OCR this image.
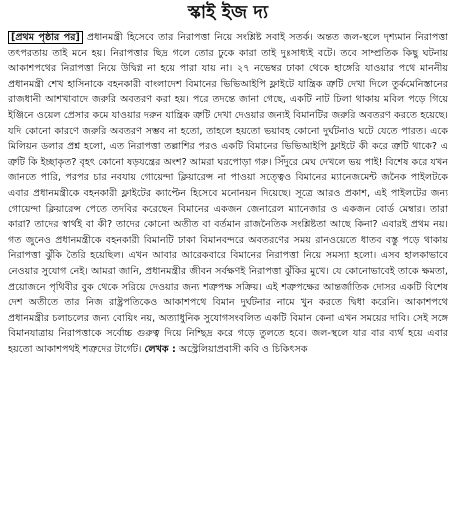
স্কাই ইজ দ্য

[প্রথম পৃষ্ঠার পর] প্রধানমন্ত্রী হিসেবে তার নিরাপত্তা নিয়ে সংশ্লিষ্ট সবাই সতর্ক। অন্তত জল-স্থলে দৃশ্যমান নিরাপত্তা তৎপরতায় তাই মনে হয়। নিরাপত্তার ছিদ্র গলে তোর ঢুকে কারা তাই দুঃসাধ্যই বটে। তবে সাম্প্রতিক কিছু ঘটনায় আকাশপথের নিরাপত্তা নিয়ে উদ্বিগ্ন না হয়ে পারা যায় না। ২৭ নভেম্বর ঢাকা থেকে হাঙ্গেরি যাওয়ার পথে মাননীয় প্রধানমন্ত্রী শেখ হাসিনাকে বহনকারী বাংলাদেশ বিমানের ভিভিআইপি ফ্লাইটে যান্ত্রিক ত্রুটি দেখা দিলে তুর্কমেনিস্তানের রাজধানী আশখাবাদে জরুরি অবতরণ করা হয়। পরে তদন্তে জানা গেছে, একটি নাট ঢিলা থাকায় মবিল পড়ে গিয়ে ইঞ্জিনে ওয়েল প্রেসার কমে যাওয়ার দরুন যান্ত্রিক ত্রুটি দেখা দেওয়ার জন্যই বিমানটির জরুরি অবতরণ করতে হয়েছে। যদি কোনো কারণে জরুরি অবতরণ সম্ভব না হতো, তাহলে হয়তো ভয়াবহ কোনো দুর্ঘটনাও ঘটে যেতে পারত। একে মিলিয়ন ডলার প্রশ্ন হলো, এত নিরাপত্তা তল্লাশির পরও একটি বিমানের ভিভিআইপি ফ্লাইটে কী করে ত্রুটি থাকে? এ ত্রুটি কি ইচ্ছাকৃত? বৃহৎ কোনো ষড়যন্ত্রের অংশ? আমরা ঘরপোড়া গরু। সিঁদুরে মেঘ দেখলে ভয় পাই! বিশেষ করে যখন জানতে পারি, পরপর চার নবযায় গোয়েন্দা ক্লিয়ারেন্স না পাওয়া সত্ত্বেও বিমানের ম্যানেজমেন্ট জনৈক পাইলটকে এবার প্রধানমন্ত্রীকে বহনকারী ফ্লাইটের ক্যাপ্টেন হিসেবে মনোনয়ন দিয়েছে। সূত্রে আরও প্রকাশ, এই পাইলটের জন্য গোয়েন্দা ক্লিয়ারেন্স পেতে তদবির করেছেন বিমানের একজন জেনারেল ম্যানেজার ও একজন বোর্ড মেম্বার। তারা কারা? তাদের স্বার্থই বা কী? তাদের কোনো অতীত বা বর্তমান রাজনৈতিক সংশ্লিষ্টতা আছে কিনা? এবারই প্রথম নয়। গত জুনেও প্রধানমন্ত্রীকে বহনকারী বিমানটি ঢাকা বিমানবন্দরে অবতরণের সময় রানওয়েতে ধাতব বস্তু পড়ে থাকায় নিরাপত্তা ঝুঁকি তৈরি হয়েছিল। এখন আবার আরেকবারে বিমানের নিরাপত্তা নিয়ে সমস্যা হলো। এসব হালকাভাবে নেওয়ার সুযোগ নেই। আমরা জানি, প্রধানমন্ত্রীর জীবন সর্বক্ষণই নিরাপত্তা ঝুঁকির মুখে। যে কোনোভাবেই তাকে ক্ষমতা, প্রয়োজনে পৃথিবীর বুক থেকে সরিয়ে দেওয়ার জন্য শত্রুপক্ষ সক্রিয়। এই শত্রুপক্ষের আন্তর্জাতিক দোসর একটি বিশেষ দেশ অতীতে তার নিজ রাষ্ট্রপতিকেও আকাশপথে বিমান দুর্ঘটনার নামে খুন করতে দ্বিধা করেনি। আকাশপথে প্রধানমন্ত্রীর চলাচলের জন্য বোয়িং নয়, অত্যাধুনিক সুযোগসংবলিত একটি বিমান কেনা এখন সময়ের দাবি। সেই সঙ্গে বিমানযাত্রায় নিরাপত্তাকে সর্বোচ্চ গুরুত্ব দিয়ে নিশ্ছিদ্র করে গড়ে তুলতে হবে। জল-স্থলে যার বার ব্যর্থ হয়ে এবার হয়তো আকাশপথই শত্রুদের টার্গেট। লেখক : অস্ট্রেলিয়াপ্রবাসী কবি ও চিকিৎসক
